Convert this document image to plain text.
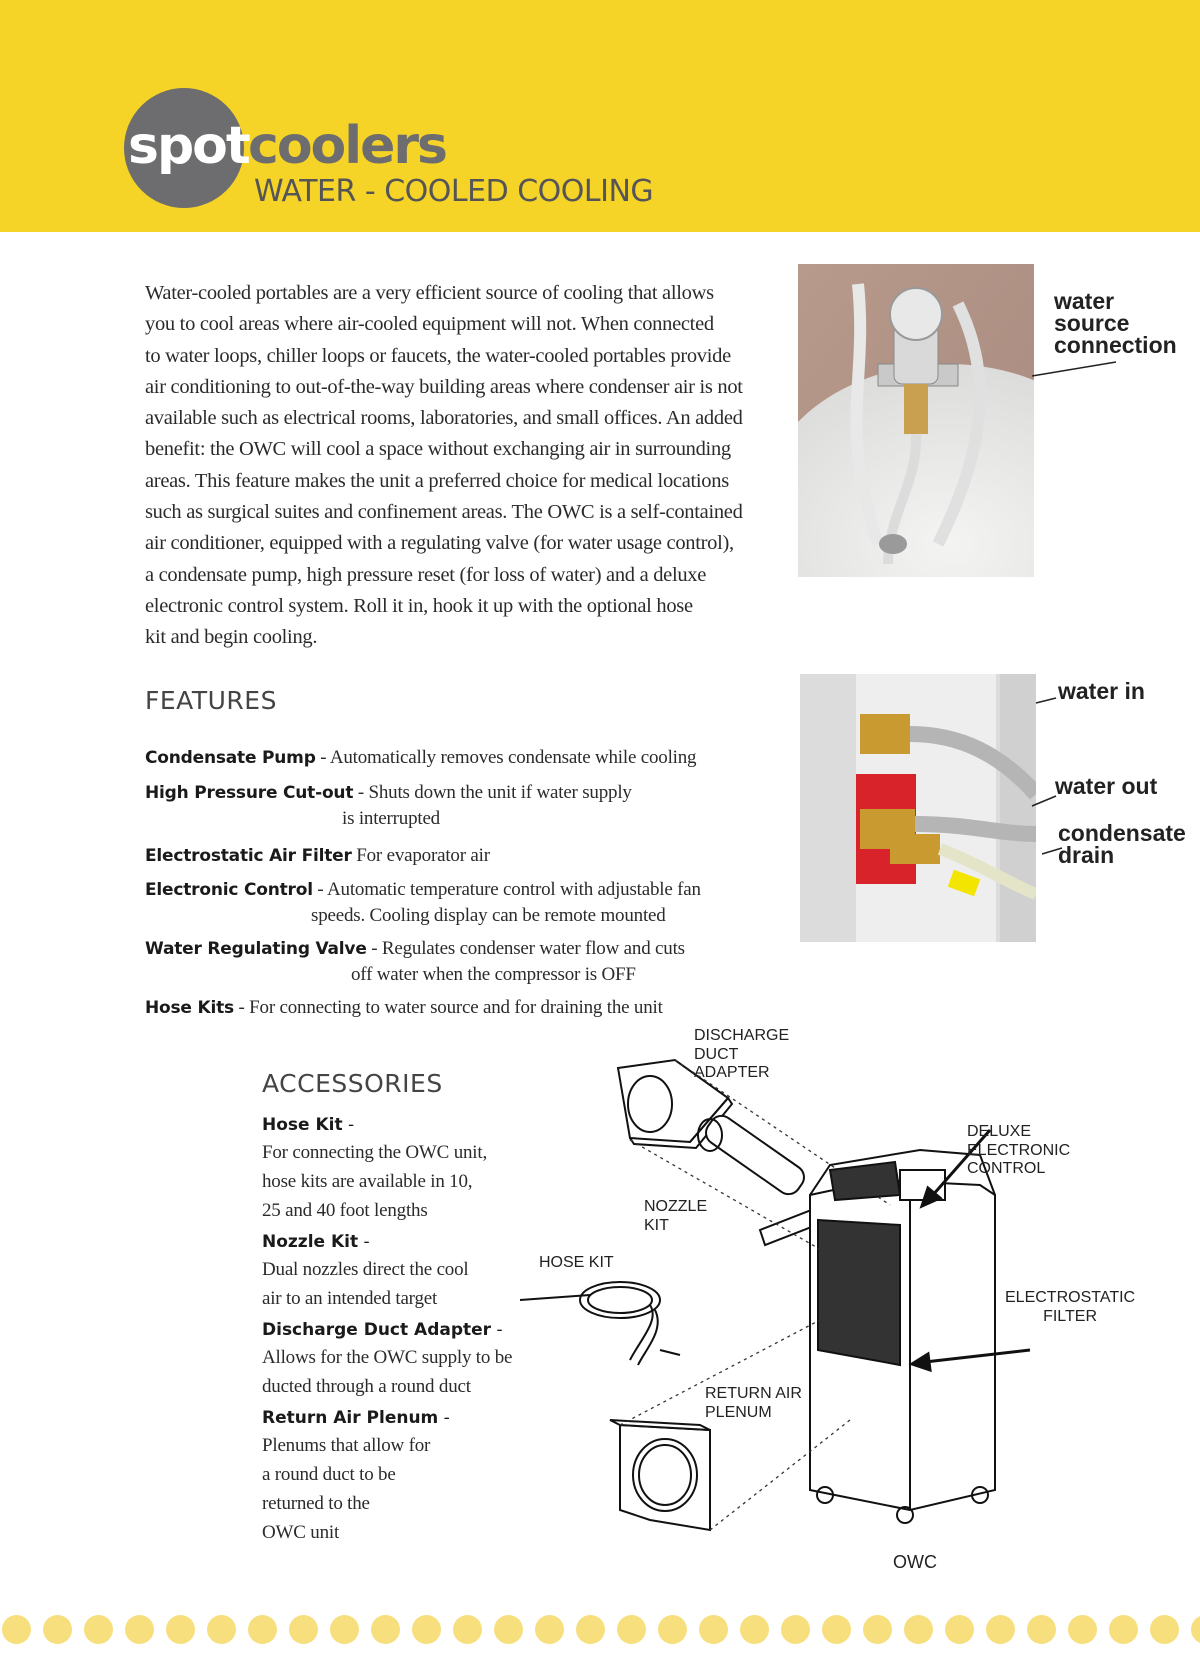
spot coolers
WATER - COOLED COOLING
Water-cooled portables are a very efficient source of cooling that allows
you to cool areas where air-cooled equipment will not. When connected
to water loops, chiller loops or faucets, the water-cooled portables provide
air conditioning to out-of-the-way building areas where condenser air is not
available such as electrical rooms, laboratories, and small offices. An added
benefit: the OWC will cool a space without exchanging air in surrounding
areas. This feature makes the unit a preferred choice for medical locations
such as surgical suites and confinement areas. The OWC is a self-contained
air conditioner, equipped with a regulating valve (for water usage control),
a condensate pump, high pressure reset (for loss of water) and a deluxe
electronic control system. Roll it in, hook it up with the optional hose
kit and begin cooling.
water
source
connection
water in
water out
condensate
drain
FEATURES
Condensate Pump - Automatically removes condensate while cooling
High Pressure Cut-out - Shuts down the unit if water supply
is interrupted
Electrostatic Air Filter For evaporator air
Electronic Control - Automatic temperature control with adjustable fan
speeds. Cooling display can be remote mounted
Water Regulating Valve - Regulates condenser water flow and cuts
off water when the compressor is OFF
Hose Kits - For connecting to water source and for draining the unit
ACCESSORIES
Hose Kit -
For connecting the OWC unit,
hose kits are available in 10,
25 and 40 foot lengths
Nozzle Kit -
Dual nozzles direct the cool
air to an intended target
Discharge Duct Adapter -
Allows for the OWC supply to be
ducted through a round duct
Return Air Plenum -
Plenums that allow for
a round duct to be
returned to the
OWC unit
DISCHARGE
DUCT
ADAPTER
DELUXE
ELECTRONIC
CONTROL
NOZZLE
KIT
HOSE KIT
ELECTROSTATIC
FILTER
RETURN AIR
PLENUM
OWC
